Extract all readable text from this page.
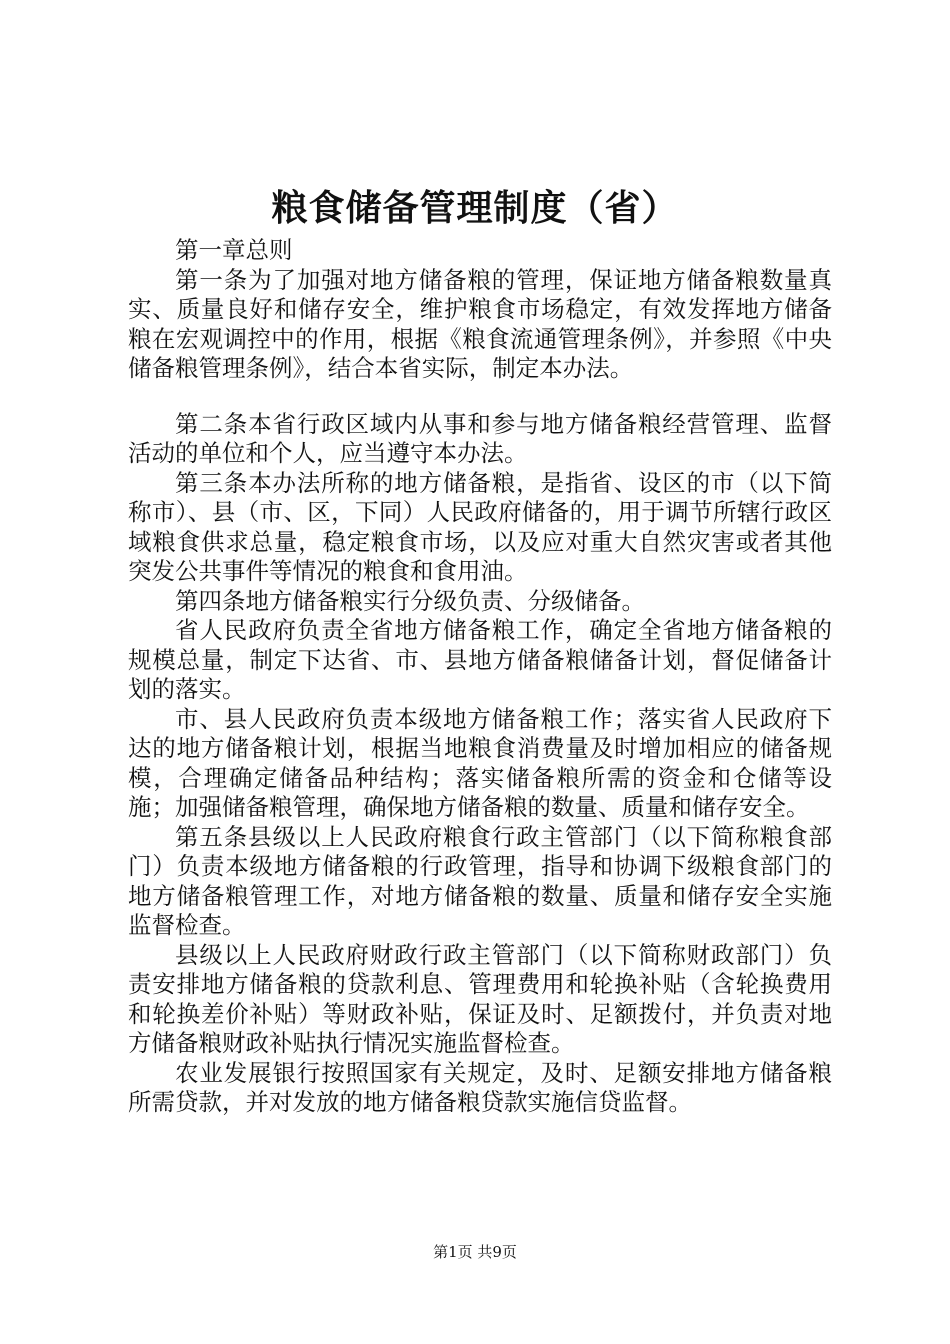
粮食储备管理制度（省）

第一章总则

第一条为了加强对地方储备粮的管理，保证地方储备粮数量真实、质量良好和储存安全，维护粮食市场稳定，有效发挥地方储备粮在宏观调控中的作用，根据《粮食流通管理条例》，并参照《中央储备粮管理条例》，结合本省实际，制定本办法。

第二条本省行政区域内从事和参与地方储备粮经营管理、监督活动的单位和个人，应当遵守本办法。

第三条本办法所称的地方储备粮，是指省、设区的市（以下简称市）、县（市、区，下同）人民政府储备的，用于调节所辖行政区域粮食供求总量，稳定粮食市场，以及应对重大自然灾害或者其他突发公共事件等情况的粮食和食用油。

第四条地方储备粮实行分级负责、分级储备。

省人民政府负责全省地方储备粮工作，确定全省地方储备粮的规模总量，制定下达省、市、县地方储备粮储备计划，督促储备计划的落实。

市、县人民政府负责本级地方储备粮工作；落实省人民政府下达的地方储备粮计划，根据当地粮食消费量及时增加相应的储备规模，合理确定储备品种结构；落实储备粮所需的资金和仓储等设施；加强储备粮管理，确保地方储备粮的数量、质量和储存安全。

第五条县级以上人民政府粮食行政主管部门（以下简称粮食部门）负责本级地方储备粮的行政管理，指导和协调下级粮食部门的地方储备粮管理工作，对地方储备粮的数量、质量和储存安全实施监督检查。

县级以上人民政府财政行政主管部门（以下简称财政部门）负责安排地方储备粮的贷款利息、管理费用和轮换补贴（含轮换费用和轮换差价补贴）等财政补贴，保证及时、足额拨付，并负责对地方储备粮财政补贴执行情况实施监督检查。

农业发展银行按照国家有关规定，及时、足额安排地方储备粮所需贷款，并对发放的地方储备粮贷款实施信贷监督。

第1页 共9页
